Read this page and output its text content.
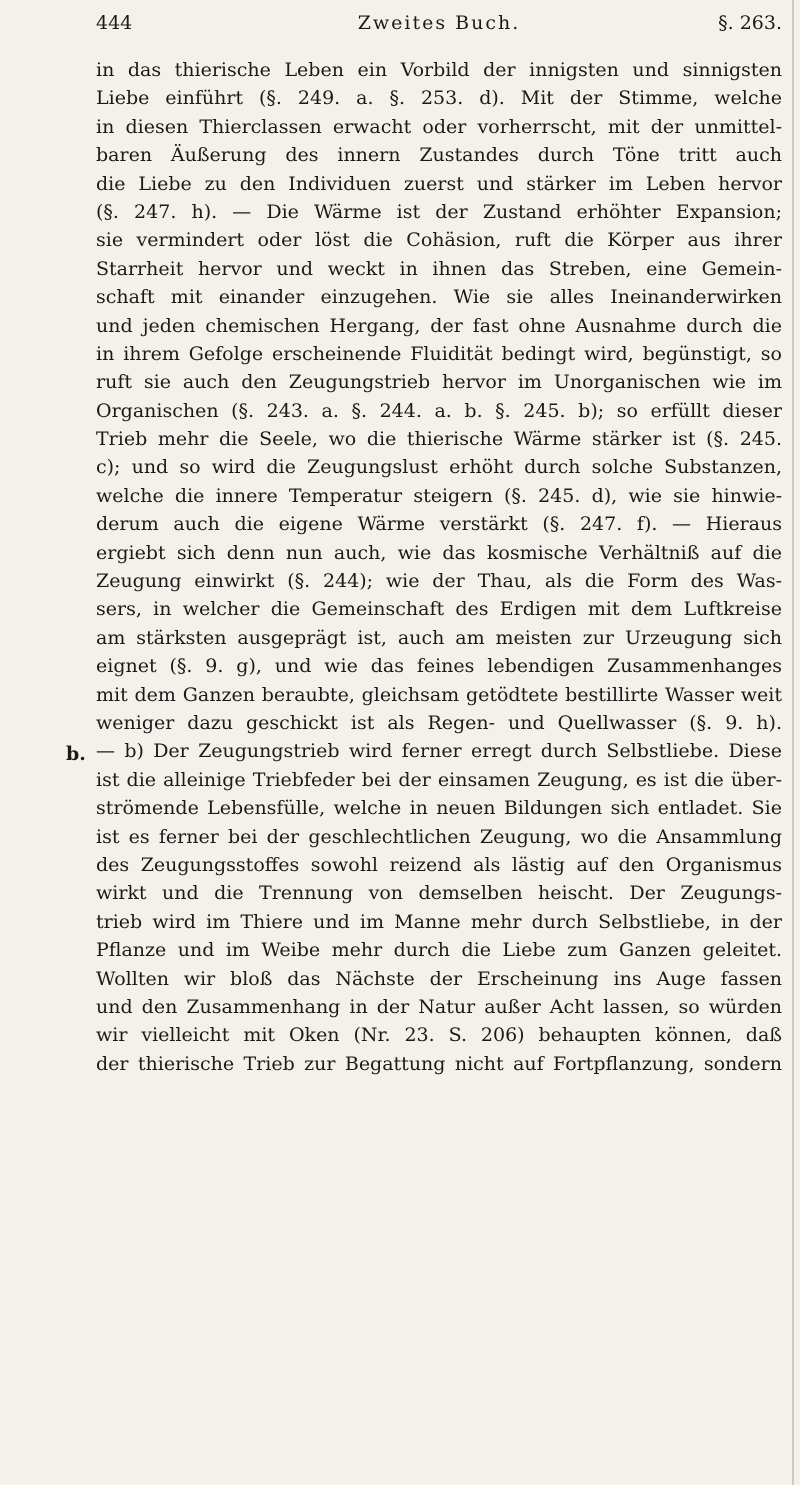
444	Zweites Buch.	§. 263.
b.
in das thierische Leben ein Vorbild der innigsten und sinnigsten
Liebe einführt (§. 249. a. §. 253. d). Mit der Stimme, welche
in diesen Thierclassen erwacht oder vorherrscht, mit der unmittel-
baren Äußerung des innern Zustandes durch Töne tritt auch
die Liebe zu den Individuen zuerst und stärker im Leben hervor
(§. 247. h). — Die Wärme ist der Zustand erhöhter Expansion;
sie vermindert oder löst die Cohäsion, ruft die Körper aus ihrer
Starrheit hervor und weckt in ihnen das Streben, eine Gemein-
schaft mit einander einzugehen. Wie sie alles Ineinanderwirken
und jeden chemischen Hergang, der fast ohne Ausnahme durch die
in ihrem Gefolge erscheinende Fluidität bedingt wird, begünstigt, so
ruft sie auch den Zeugungstrieb hervor im Unorganischen wie im
Organischen (§. 243. a. §. 244. a. b. §. 245. b); so erfüllt dieser
Trieb mehr die Seele, wo die thierische Wärme stärker ist (§. 245.
c); und so wird die Zeugungslust erhöht durch solche Substanzen,
welche die innere Temperatur steigern (§. 245. d), wie sie hinwie-
derum auch die eigene Wärme verstärkt (§. 247. f). — Hieraus
ergiebt sich denn nun auch, wie das kosmische Verhältniß auf die
Zeugung einwirkt (§. 244); wie der Thau, als die Form des Was-
sers, in welcher die Gemeinschaft des Erdigen mit dem Luftkreise
am stärksten ausgeprägt ist, auch am meisten zur Urzeugung sich
eignet (§. 9. g), und wie das feines lebendigen Zusammenhanges
mit dem Ganzen beraubte, gleichsam getödtete bestillirte Wasser weit
weniger dazu geschickt ist als Regen- und Quellwasser (§. 9. h).
— b) Der Zeugungstrieb wird ferner erregt durch Selbstliebe. Diese
ist die alleinige Triebfeder bei der einsamen Zeugung, es ist die über-
strömende Lebensfülle, welche in neuen Bildungen sich entladet. Sie
ist es ferner bei der geschlechtlichen Zeugung, wo die Ansammlung
des Zeugungsstoffes sowohl reizend als lästig auf den Organismus
wirkt und die Trennung von demselben heischt. Der Zeugungs-
trieb wird im Thiere und im Manne mehr durch Selbstliebe, in der
Pflanze und im Weibe mehr durch die Liebe zum Ganzen geleitet.
Wollten wir bloß das Nächste der Erscheinung ins Auge fassen
und den Zusammenhang in der Natur außer Acht lassen, so würden
wir vielleicht mit Oken (Nr. 23. S. 206) behaupten können, daß
der thierische Trieb zur Begattung nicht auf Fortpflanzung, sondern
